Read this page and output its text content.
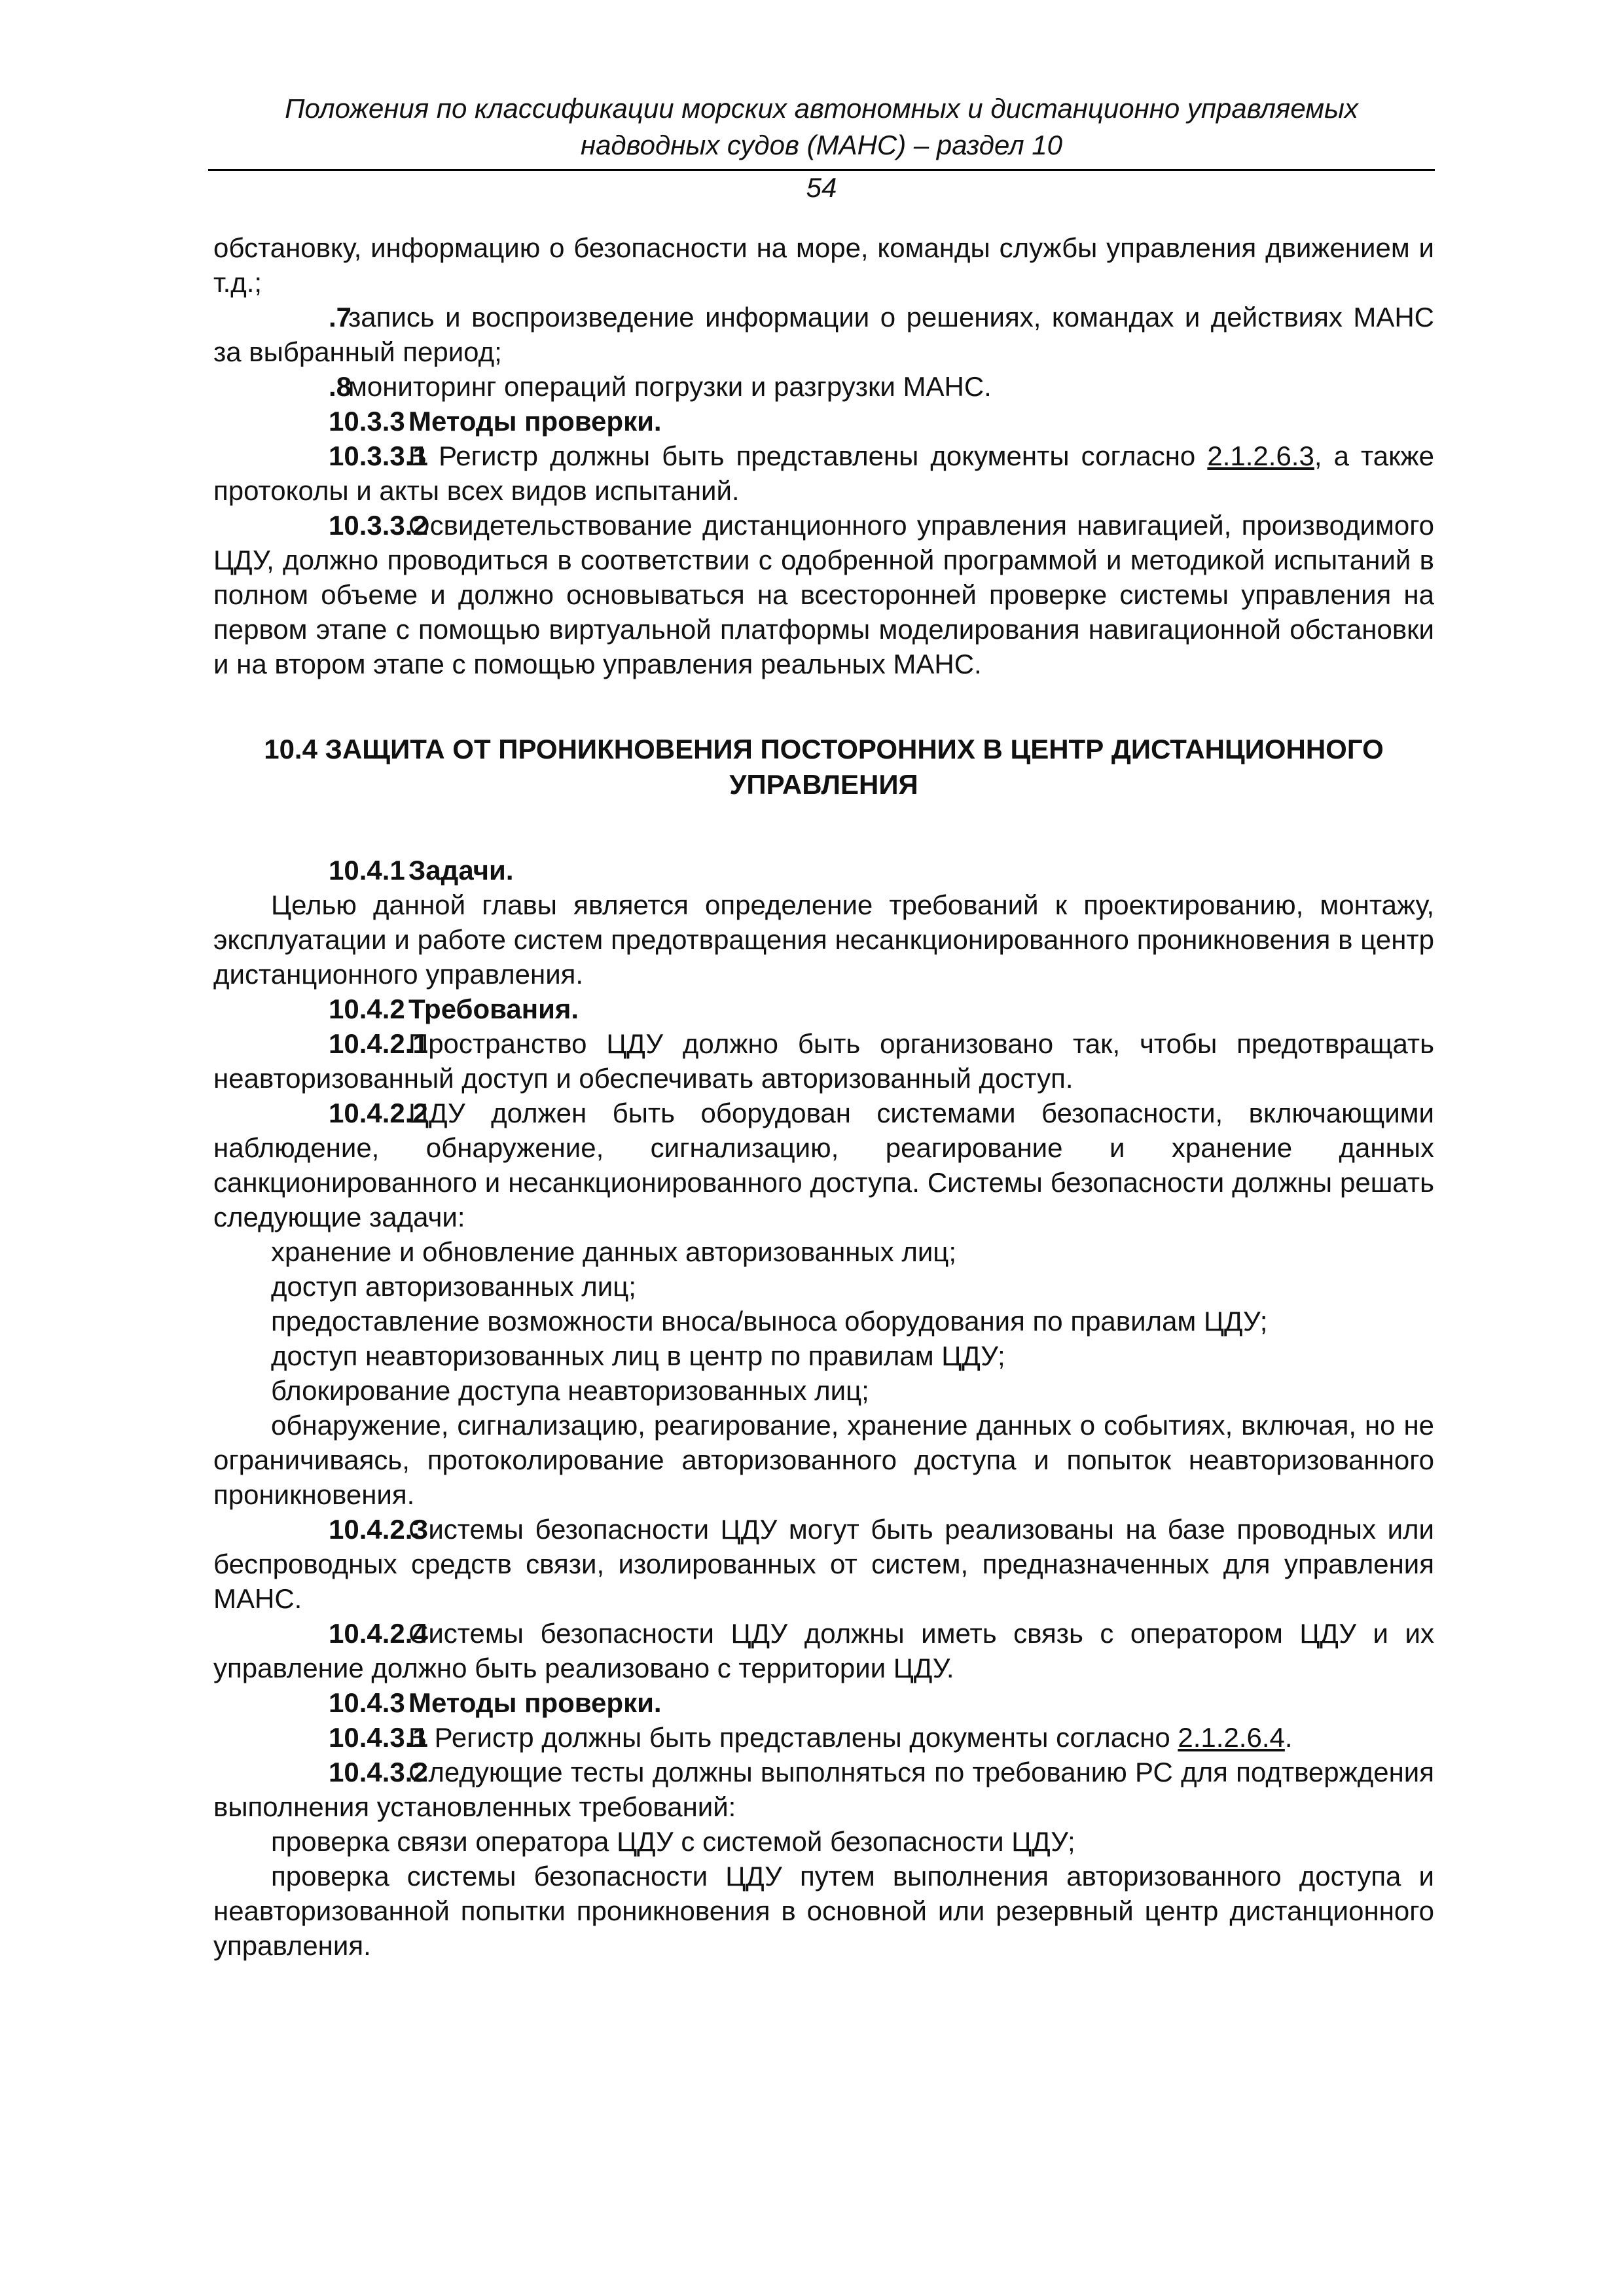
Положения по классификации морских автономных и дистанционно управляемых
надводных судов (МАНС) – раздел 10
54

обстановку, информацию о безопасности на море, команды службы управления движением и т.д.;

.7запись и воспроизведение информации о решениях, командах и действиях МАНС за выбранный период;

.8мониторинг операций погрузки и разгрузки МАНС.

10.3.3 Методы проверки.

10.3.3.1В Регистр должны быть представлены документы согласно 2.1.2.6.3, а также протоколы и акты всех видов испытаний.

10.3.3.2Освидетельствование дистанционного управления навигацией, производимого ЦДУ, должно проводиться в соответствии с одобренной программой и методикой испытаний в полном объеме и должно основываться на всесторонней проверке системы управления на первом этапе с помощью виртуальной платформы моделирования навигационной обстановки и на втором этапе с помощью управления реальных МАНС.

10.4 ЗАЩИТА ОТ ПРОНИКНОВЕНИЯ ПОСТОРОННИХ В ЦЕНТР ДИСТАНЦИОННОГО
УПРАВЛЕНИЯ

10.4.1 Задачи.

Целью данной главы является определение требований к проектированию, монтажу, эксплуатации и работе систем предотвращения несанкционированного проникновения в центр дистанционного управления.

10.4.2 Требования.

10.4.2.1Пространство ЦДУ должно быть организовано так, чтобы предотвращать неавторизованный доступ и обеспечивать авторизованный доступ.

10.4.2.2ЦДУ должен быть оборудован системами безопасности, включающими наблюдение, обнаружение, сигнализацию, реагирование и хранение данных санкционированного и несанкционированного доступа. Системы безопасности должны решать следующие задачи:

хранение и обновление данных авторизованных лиц;

доступ авторизованных лиц;

предоставление возможности вноса/выноса оборудования по правилам ЦДУ;

доступ неавторизованных лиц в центр по правилам ЦДУ;

блокирование доступа неавторизованных лиц;

обнаружение, сигнализацию, реагирование, хранение данных о событиях, включая, но не ограничиваясь, протоколирование авторизованного доступа и попыток неавторизованного проникновения.

10.4.2.3Системы безопасности ЦДУ могут быть реализованы на базе проводных или беспроводных средств связи, изолированных от систем, предназначенных для управления МАНС.

10.4.2.4Системы безопасности ЦДУ должны иметь связь с оператором ЦДУ и их управление должно быть реализовано с территории ЦДУ.

10.4.3 Методы проверки.

10.4.3.1В Регистр должны быть представлены документы согласно 2.1.2.6.4.

10.4.3.2Следующие тесты должны выполняться по требованию РС для подтверждения выполнения установленных требований:

проверка связи оператора ЦДУ с системой безопасности ЦДУ;

проверка системы безопасности ЦДУ путем выполнения авторизованного доступа и неавторизованной попытки проникновения в основной или резервный центр дистанционного управления.
